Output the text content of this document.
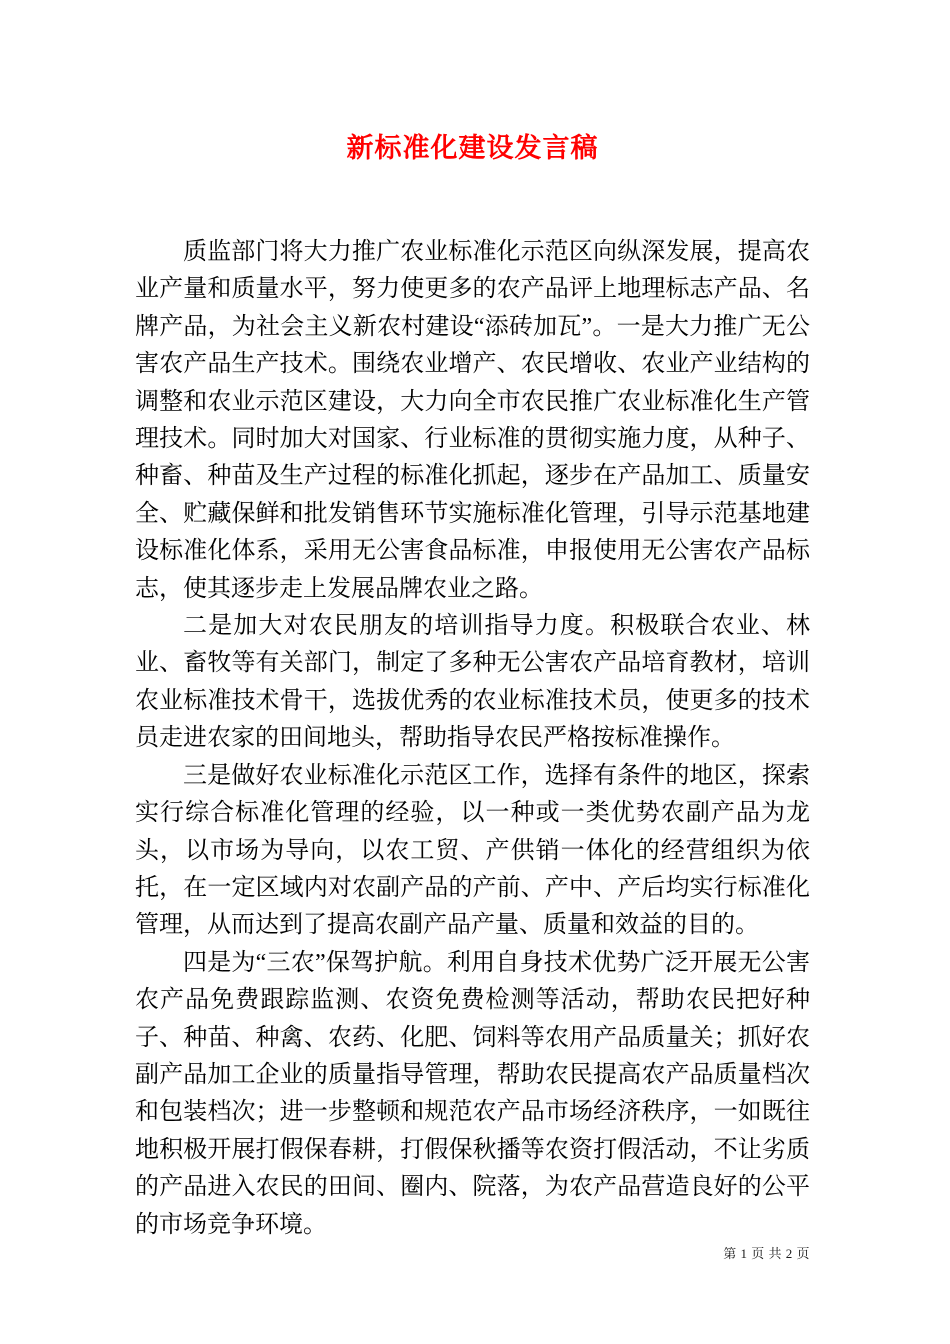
新标准化建设发言稿

质监部门将大力推广农业标准化示范区向纵深发展，提高农业产量和质量水平，努力使更多的农产品评上地理标志产品、名牌产品，为社会主义新农村建设“添砖加瓦”。一是大力推广无公害农产品生产技术。围绕农业增产、农民增收、农业产业结构的调整和农业示范区建设，大力向全市农民推广农业标准化生产管理技术。同时加大对国家、行业标准的贯彻实施力度，从种子、种畜、种苗及生产过程的标准化抓起，逐步在产品加工、质量安全、贮藏保鲜和批发销售环节实施标准化管理，引导示范基地建设标准化体系，采用无公害食品标准，申报使用无公害农产品标志，使其逐步走上发展品牌农业之路。

二是加大对农民朋友的培训指导力度。积极联合农业、林业、畜牧等有关部门，制定了多种无公害农产品培育教材，培训农业标准技术骨干，选拔优秀的农业标准技术员，使更多的技术员走进农家的田间地头，帮助指导农民严格按标准操作。

三是做好农业标准化示范区工作，选择有条件的地区，探索实行综合标准化管理的经验，以一种或一类优势农副产品为龙头，以市场为导向，以农工贸、产供销一体化的经营组织为依托，在一定区域内对农副产品的产前、产中、产后均实行标准化管理，从而达到了提高农副产品产量、质量和效益的目的。

四是为“三农”保驾护航。利用自身技术优势广泛开展无公害农产品免费跟踪监测、农资免费检测等活动，帮助农民把好种子、种苗、种禽、农药、化肥、饲料等农用产品质量关；抓好农副产品加工企业的质量指导管理，帮助农民提高农产品质量档次和包装档次；进一步整顿和规范农产品市场经济秩序，一如既往地积极开展打假保春耕，打假保秋播等农资打假活动，不让劣质的产品进入农民的田间、圈内、院落，为农产品营造良好的公平的市场竞争环境。

第 1 页 共 2 页
